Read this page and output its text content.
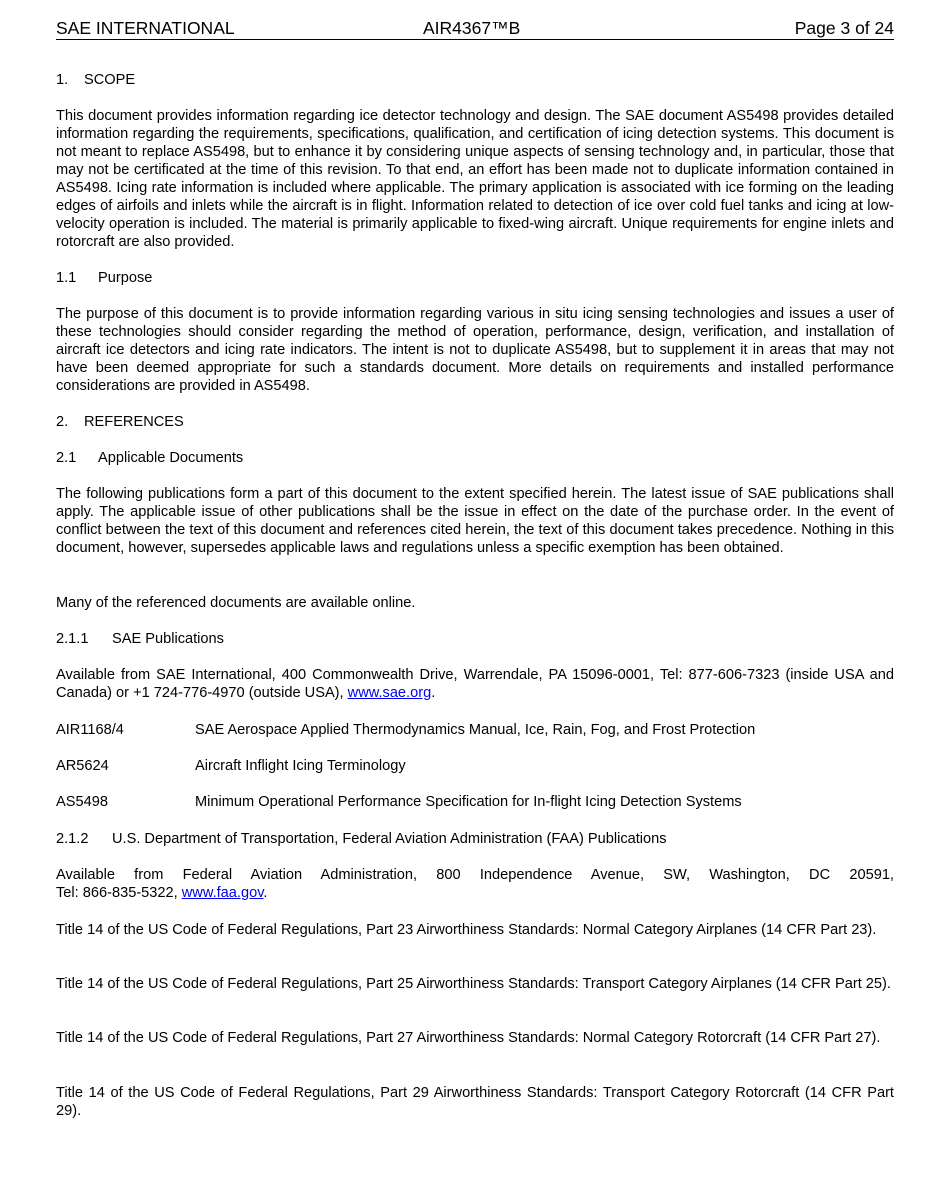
SAE INTERNATIONAL	AIR4367™B	Page 3 of 24
1. SCOPE
This document provides information regarding ice detector technology and design. The SAE document AS5498 provides detailed information regarding the requirements, specifications, qualification, and certification of icing detection systems. This document is not meant to replace AS5498, but to enhance it by considering unique aspects of sensing technology and, in particular, those that may not be certificated at the time of this revision. To that end, an effort has been made not to duplicate information contained in AS5498. Icing rate information is included where applicable. The primary application is associated with ice forming on the leading edges of airfoils and inlets while the aircraft is in flight. Information related to detection of ice over cold fuel tanks and icing at low-velocity operation is included. The material is primarily applicable to fixed-wing aircraft. Unique requirements for engine inlets and rotorcraft are also provided.
1.1 Purpose
The purpose of this document is to provide information regarding various in situ icing sensing technologies and issues a user of these technologies should consider regarding the method of operation, performance, design, verification, and installation of aircraft ice detectors and icing rate indicators. The intent is not to duplicate AS5498, but to supplement it in areas that may not have been deemed appropriate for such a standards document. More details on requirements and installed performance considerations are provided in AS5498.
2. REFERENCES
2.1 Applicable Documents
The following publications form a part of this document to the extent specified herein. The latest issue of SAE publications shall apply. The applicable issue of other publications shall be the issue in effect on the date of the purchase order. In the event of conflict between the text of this document and references cited herein, the text of this document takes precedence. Nothing in this document, however, supersedes applicable laws and regulations unless a specific exemption has been obtained.
Many of the referenced documents are available online.
2.1.1 SAE Publications
Available from SAE International, 400 Commonwealth Drive, Warrendale, PA 15096-0001, Tel: 877-606-7323 (inside USA and Canada) or +1 724-776-4970 (outside USA), www.sae.org.
AIR1168/4	SAE Aerospace Applied Thermodynamics Manual, Ice, Rain, Fog, and Frost Protection
AR5624	Aircraft Inflight Icing Terminology
AS5498	Minimum Operational Performance Specification for In-flight Icing Detection Systems
2.1.2 U.S. Department of Transportation, Federal Aviation Administration (FAA) Publications
Available from Federal Aviation Administration, 800 Independence Avenue, SW, Washington, DC 20591,
Tel: 866-835-5322, www.faa.gov.
Title 14 of the US Code of Federal Regulations, Part 23 Airworthiness Standards: Normal Category Airplanes (14 CFR Part 23).
Title 14 of the US Code of Federal Regulations, Part 25 Airworthiness Standards: Transport Category Airplanes (14 CFR Part 25).
Title 14 of the US Code of Federal Regulations, Part 27 Airworthiness Standards: Normal Category Rotorcraft (14 CFR Part 27).
Title 14 of the US Code of Federal Regulations, Part 29 Airworthiness Standards: Transport Category Rotorcraft (14 CFR Part 29).
